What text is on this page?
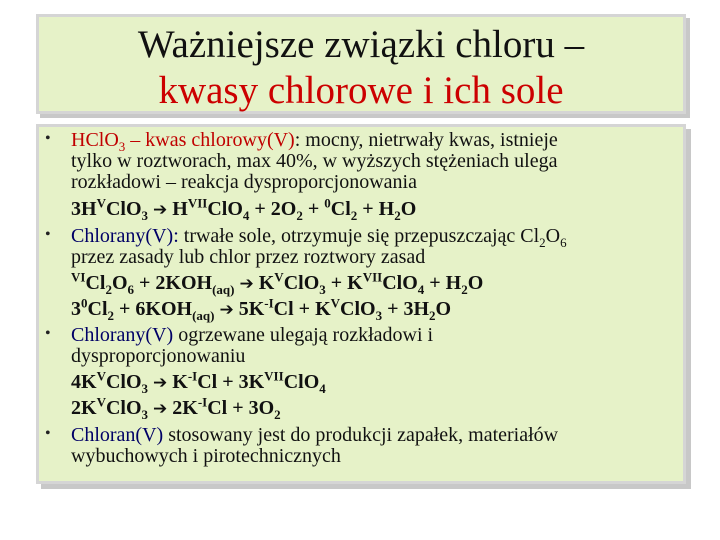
Ważniejsze związki chloru –
kwasy chlorowe i ich sole
• HClO$_3$ – kwas chlorowy(V): mocny, nietrwały kwas, istnieje

tylko w roztworach, max 40%, w wyższych stężeniach ulega

rozkładowi – reakcja dysproporcjonowania

$3H^VClO_3$ ➔ $H^{VII}ClO_4 + 2O_2 + ^0Cl_2 + H_2O$

• Chlorany(V): trwałe sole, otrzymuje się przepuszczając $Cl_2O_6$

przez zasady lub chlor przez roztwory zasad

$^{VI}Cl_2O_6 + 2KOH_{(aq)}$ ➔ $K^VClO_3 + K^{VII}ClO_4 + H_2O$

$3^0Cl_2 + 6KOH_{(aq)}$ ➔ $5K^{-I}Cl + K^VClO_3 + 3H_2O$

• Chlorany(V) ogrzewane ulegają rozkładowi i

dysproporcjonowaniu

$4K^VClO_3$ ➔ $K^{-I}Cl + 3K^{VII}ClO_4$

$2K^VClO_3$ ➔ $2K^{-I}Cl + 3O_2$

• Chloran(V) stosowany jest do produkcji zapałek, materiałów

wybuchowych i pirotechnicznych
